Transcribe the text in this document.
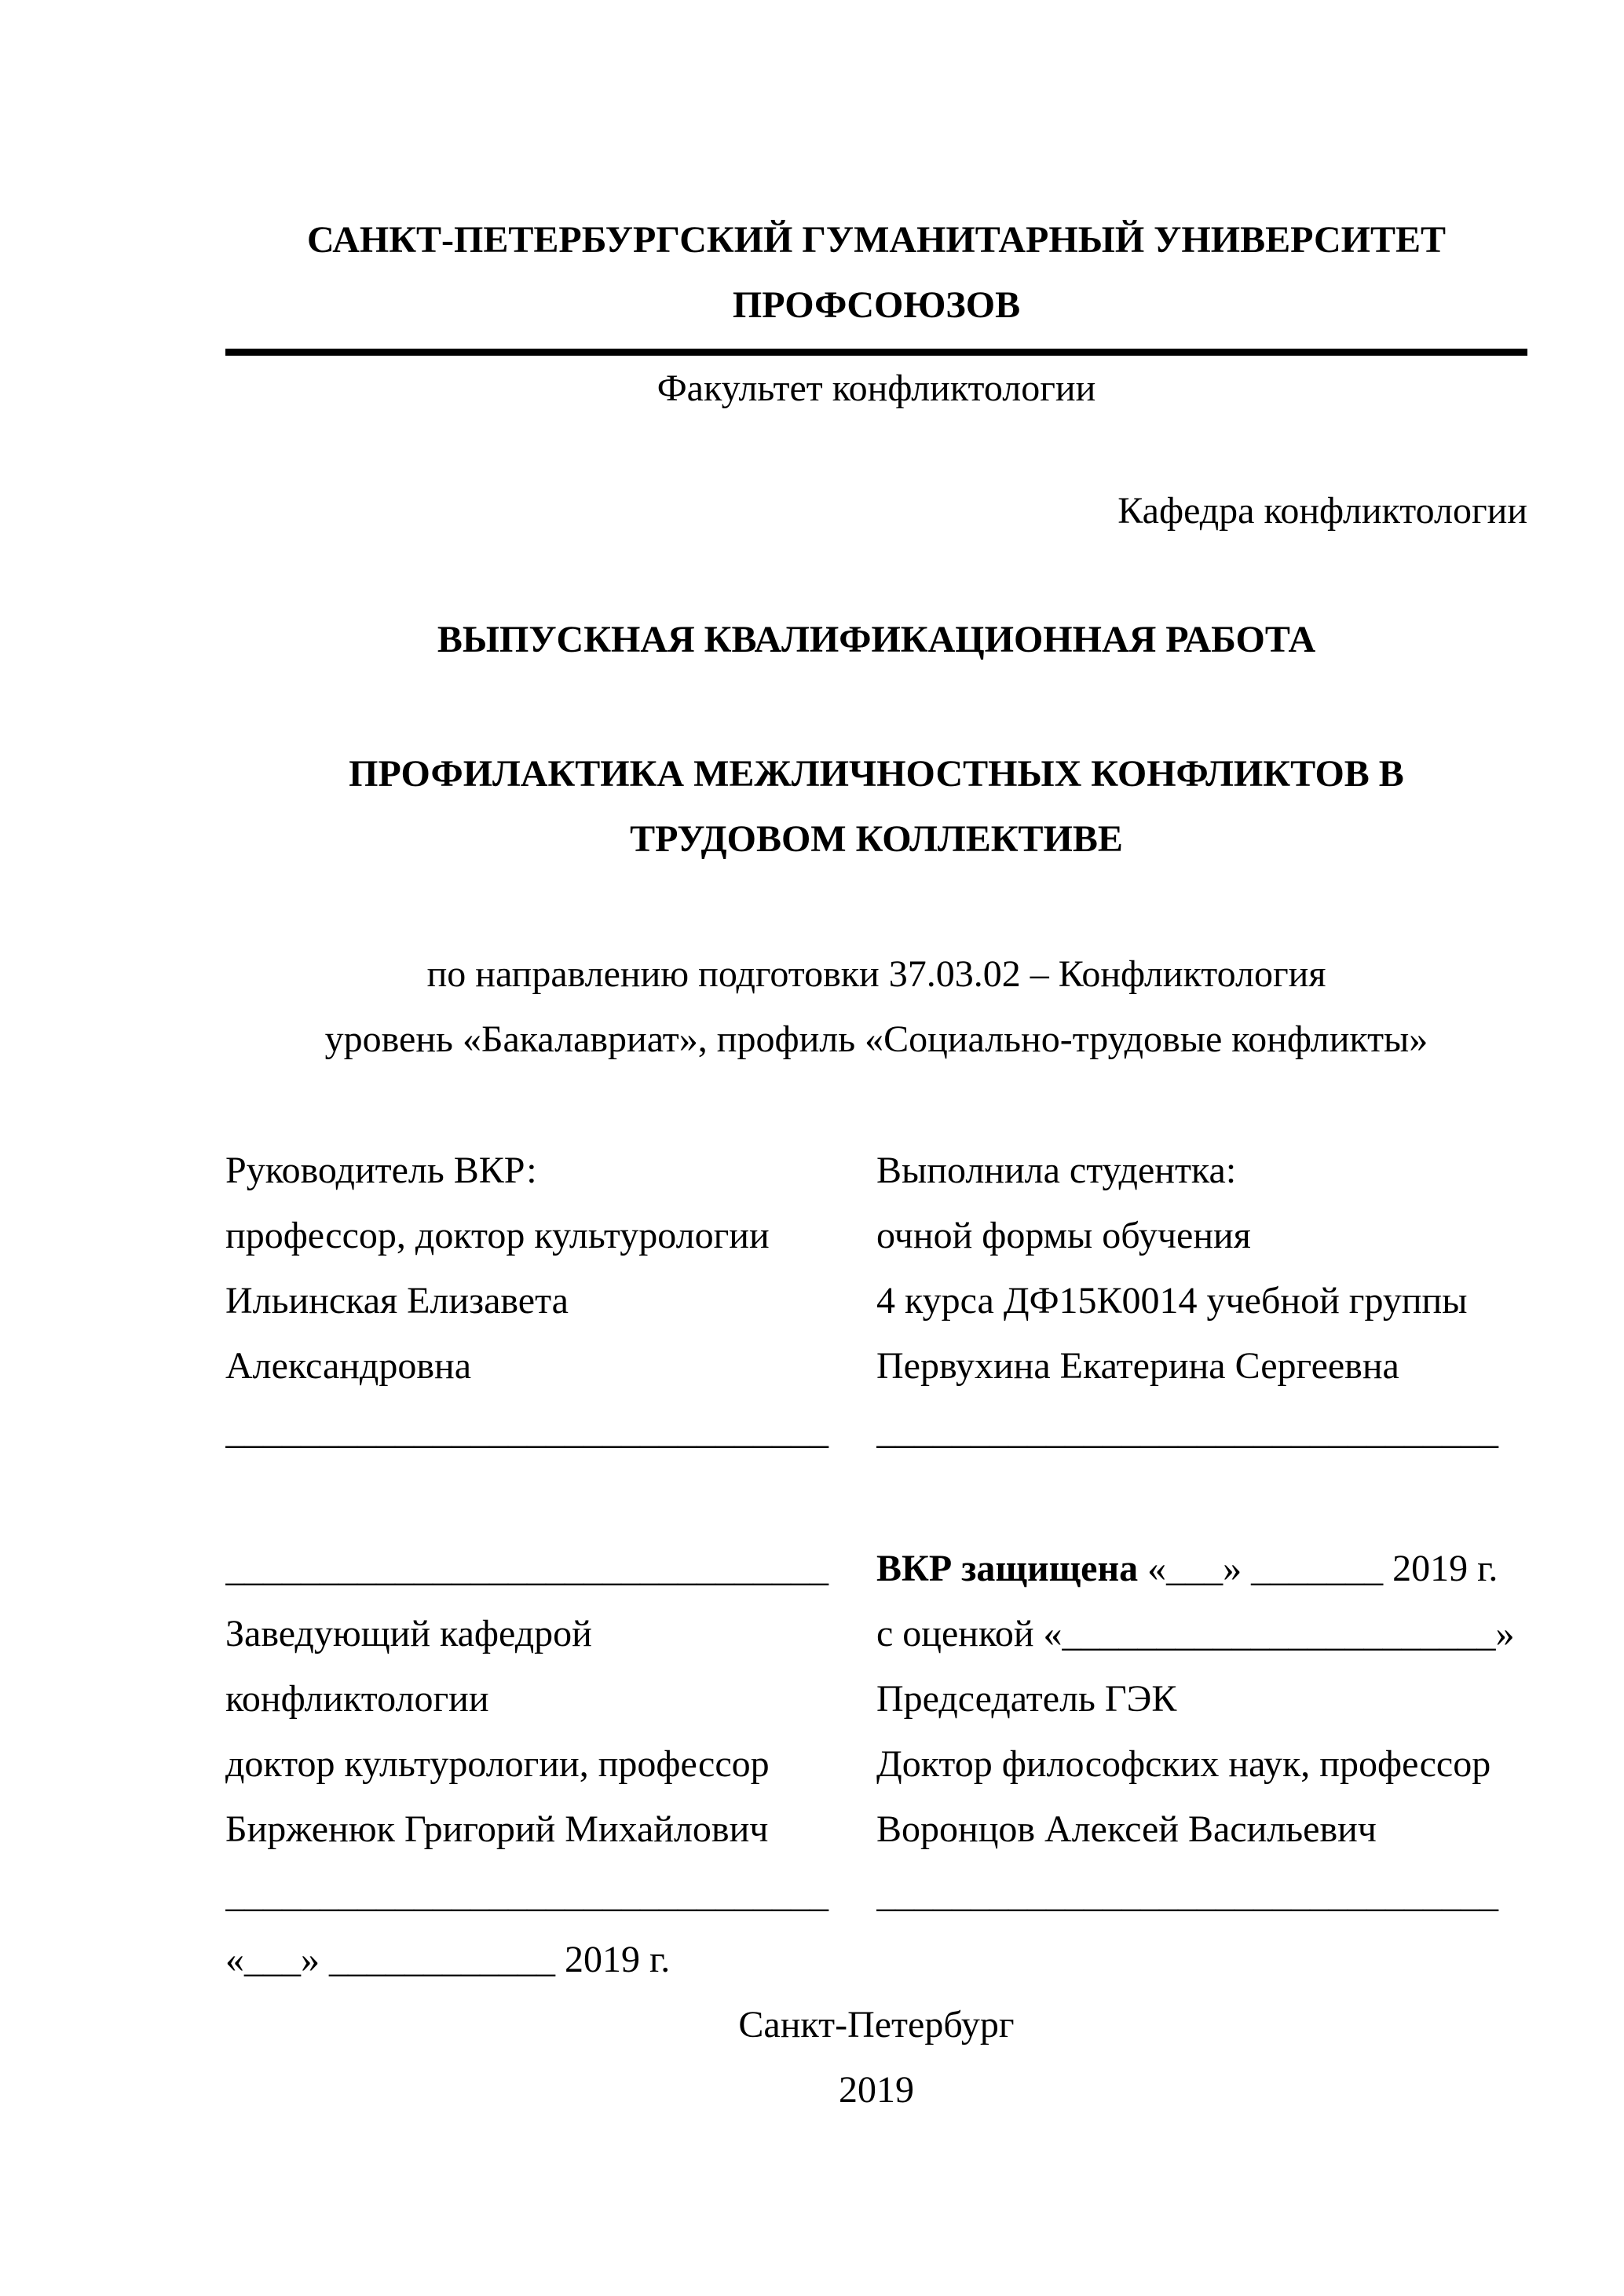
САНКТ-ПЕТЕРБУРГСКИЙ ГУМАНИТАРНЫЙ УНИВЕРСИТЕТ
ПРОФСОЮЗОВ
Факультет конфликтологии
Кафедра конфликтологии
ВЫПУСКНАЯ КВАЛИФИКАЦИОННАЯ РАБОТА
ПРОФИЛАКТИКА МЕЖЛИЧНОСТНЫХ КОНФЛИКТОВ В
ТРУДОВОМ КОЛЛЕКТИВЕ
по направлению подготовки 37.03.02 – Конфликтология
уровень «Бакалавриат», профиль «Социально-трудовые конфликты»
Руководитель ВКР:	Выполнила студентка:
профессор, доктор культурологии	очной формы обучения
Ильинская Елизавета	4 курса ДФ15К0014 учебной группы
Александровна	Первухина Екатерина Сергеевна
________________________________	_________________________________
________________________________	ВКР защищена «___» _______ 2019 г.
Заведующий кафедрой	с оценкой «_______________________»
конфликтологии	Председатель ГЭК
доктор культурологии, профессор	Доктор философских наук, профессор
Бирженюк Григорий Михайлович	Воронцов Алексей Васильевич
________________________________	_________________________________
«___» ____________ 2019 г.
Санкт-Петербург
2019
